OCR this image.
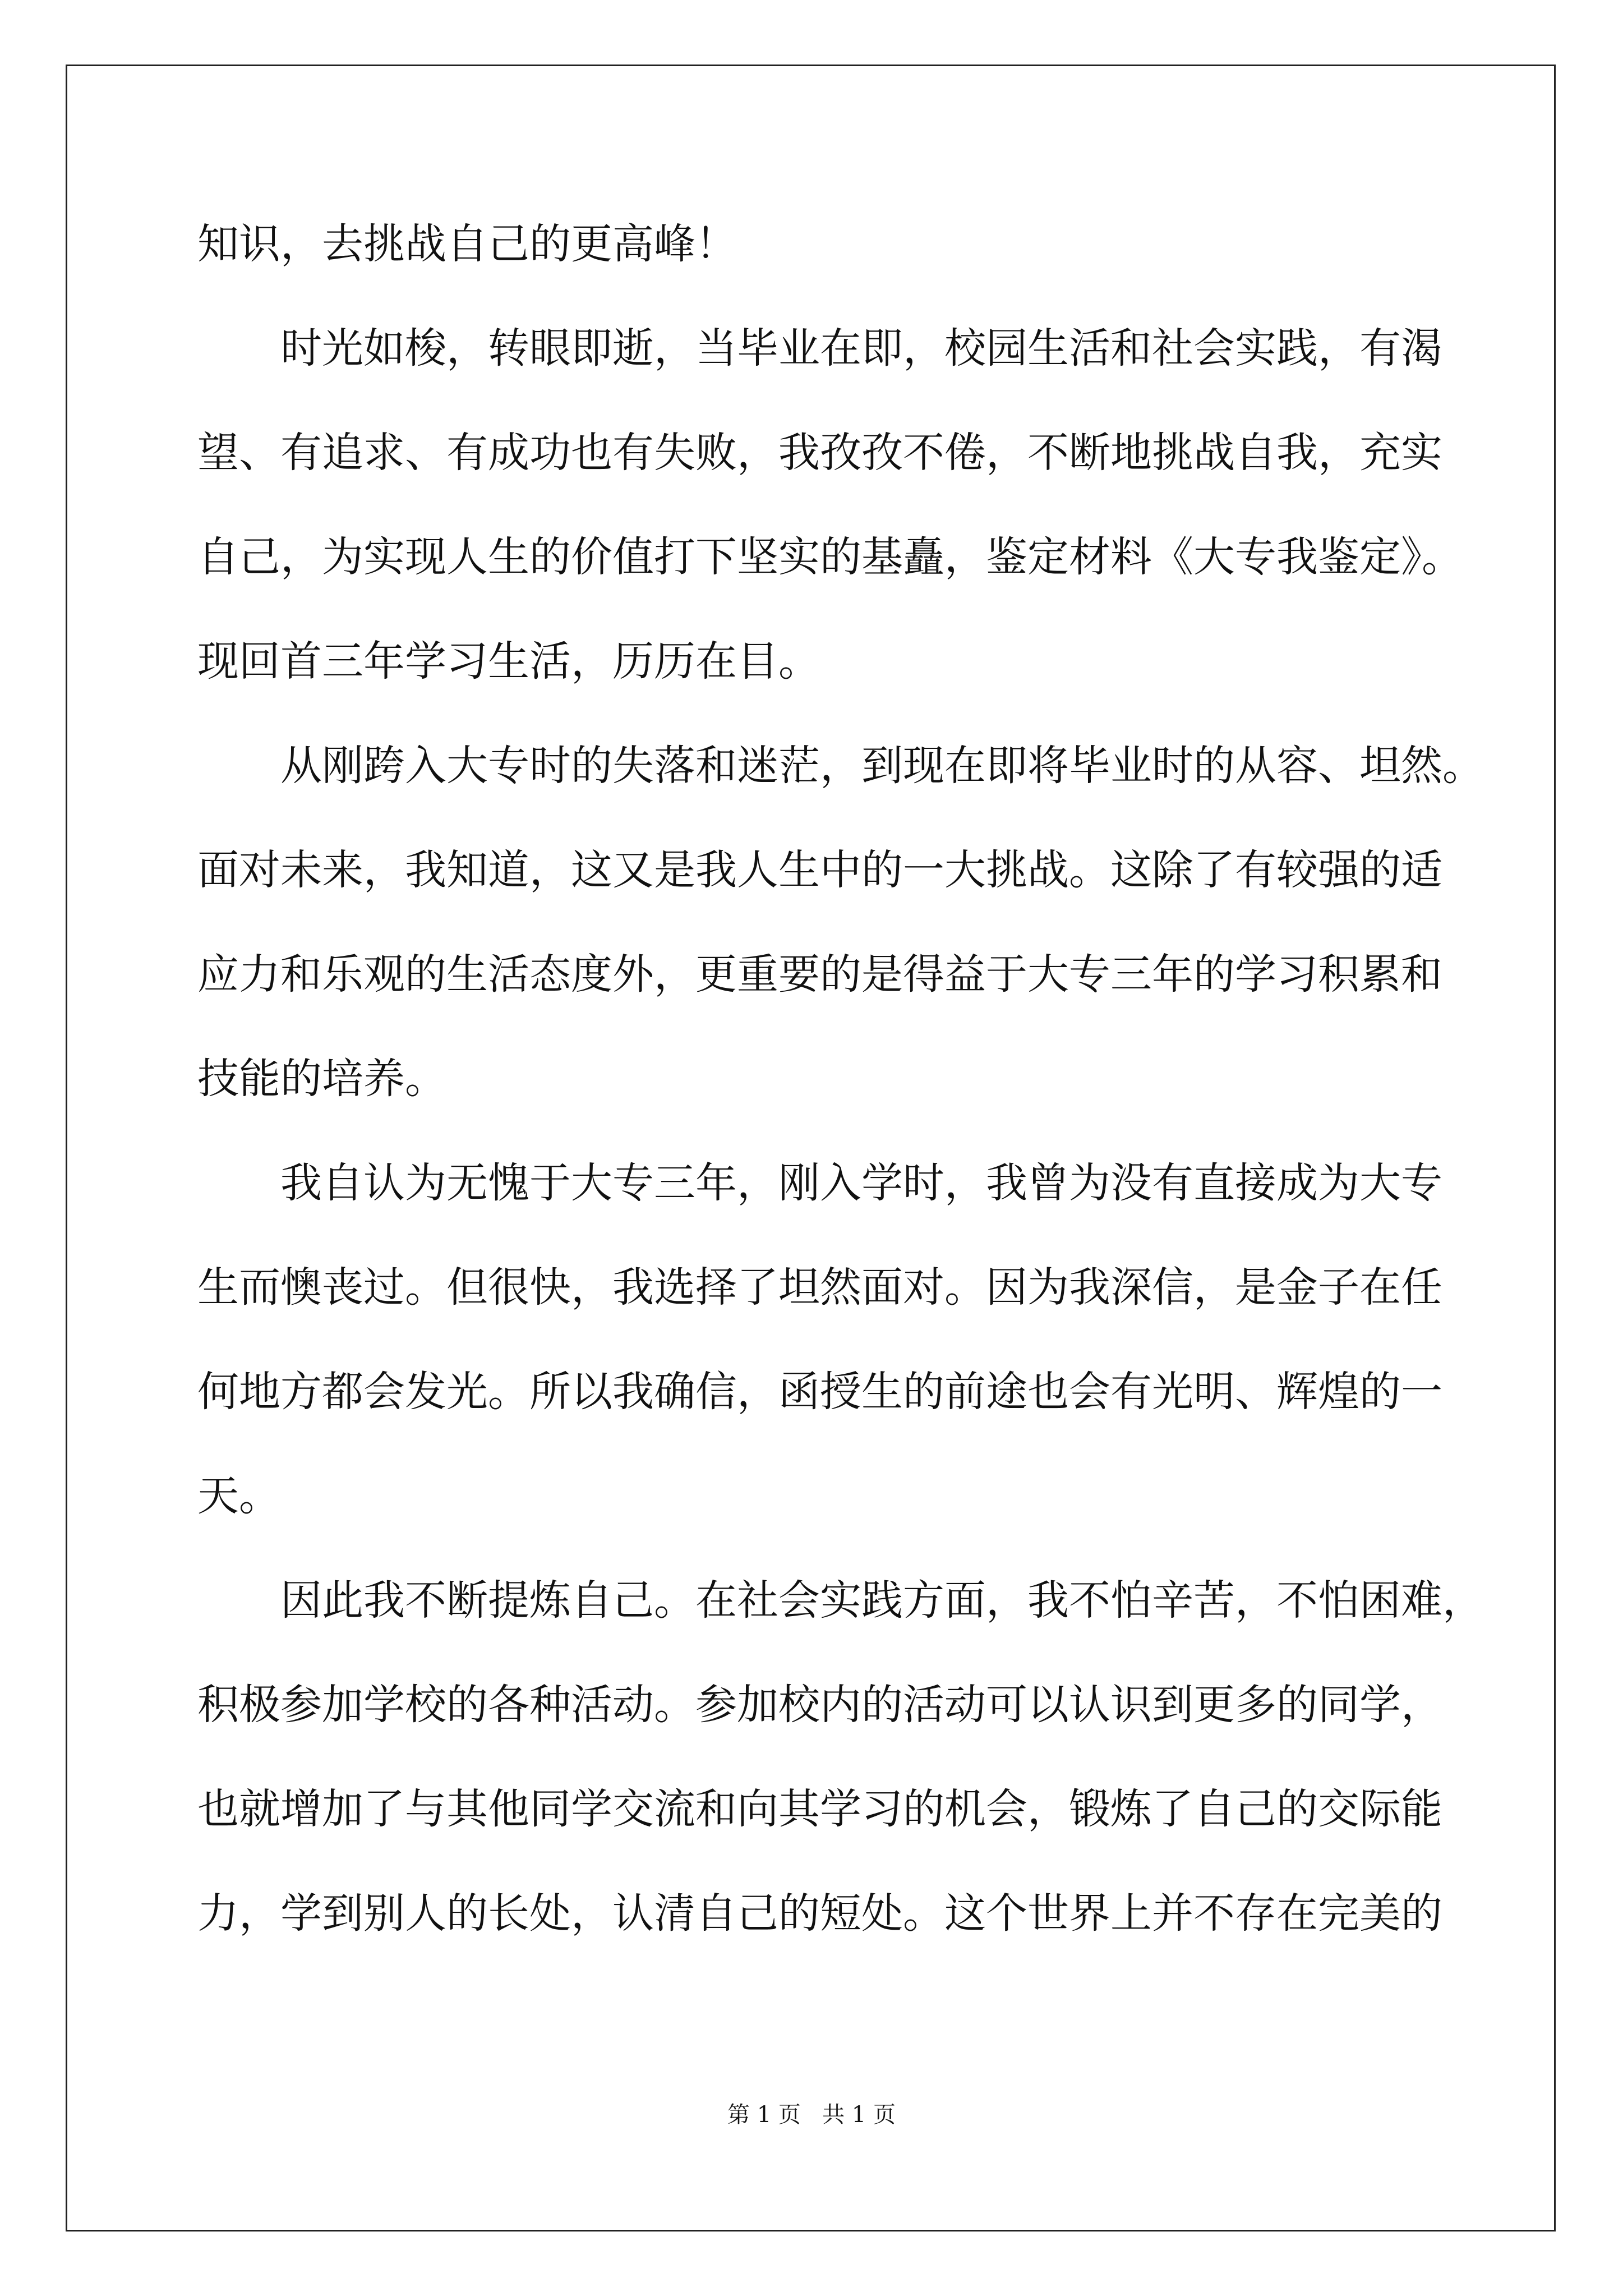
知识，去挑战自己的更高峰！
时光如梭，转眼即逝，当毕业在即，校园生活和社会实践，有渴
望、有追求、有成功也有失败，我孜孜不倦，不断地挑战自我，充实
自己，为实现人生的价值打下坚实的基矗，鉴定材料《大专我鉴定》。
现回首三年学习生活，历历在目。
从刚跨入大专时的失落和迷茫，到现在即将毕业时的从容、坦然。
面对未来，我知道，这又是我人生中的一大挑战。这除了有较强的适
应力和乐观的生活态度外，更重要的是得益于大专三年的学习积累和
技能的培养。
我自认为无愧于大专三年，刚入学时，我曾为没有直接成为大专
生而懊丧过。但很快，我选择了坦然面对。因为我深信，是金子在任
何地方都会发光。所以我确信，函授生的前途也会有光明、辉煌的一
天。
因此我不断提炼自己。在社会实践方面，我不怕辛苦，不怕困难，
积极参加学校的各种活动。参加校内的活动可以认识到更多的同学，
也就增加了与其他同学交流和向其学习的机会，锻炼了自己的交际能
力，学到别人的长处，认清自己的短处。这个世界上并不存在完美的
第 1 页   共 1 页
